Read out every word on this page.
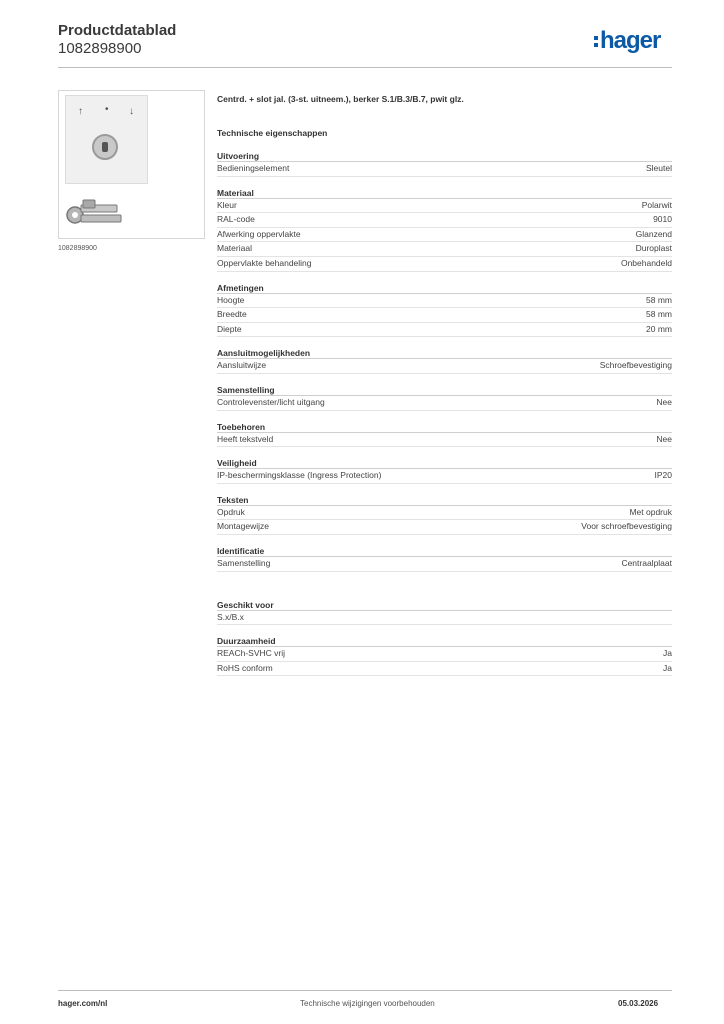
Productdatablad
1082898900	hager
↑ • ↓
1082898900
Centrd. + slot jal. (3-st. uitneem.), berker S.1/B.3/B.7, pwit glz.
Technische eigenschappen
Uitvoering
Bedieningselement	Sleutel
Materiaal
Kleur	Polarwit
RAL-code	9010
Afwerking oppervlakte	Glanzend
Materiaal	Duroplast
Oppervlakte behandeling	Onbehandeld
Afmetingen
Hoogte	58 mm
Breedte	58 mm
Diepte	20 mm
Aansluitmogelijkheden
Aansluitwijze	Schroefbevestiging
Samenstelling
Controlevenster/licht uitgang	Nee
Toebehoren
Heeft tekstveld	Nee
Veiligheid
IP-beschermingsklasse (Ingress Protection)	IP20
Teksten
Opdruk	Met opdruk
Montagewijze	Voor schroefbevestiging
Identificatie
Samenstelling	Centraalplaat
Geschikt voor
S.x/B.x
Duurzaamheid
REACh-SVHC vrij	Ja
RoHS conform	Ja
hager.com/nl	Technische wijzigingen voorbehouden	05.03.2026
